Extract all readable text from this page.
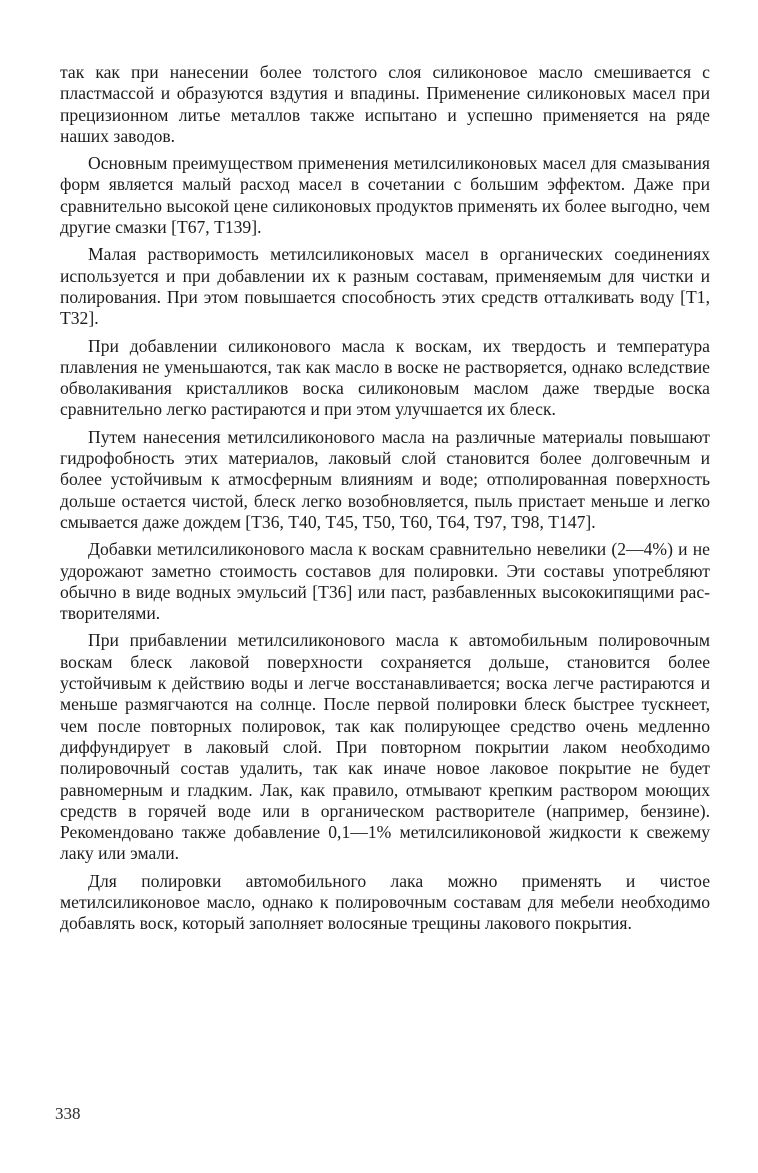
так как при нанесении более толстого слоя силиконовое масло смешивается с пластмассой и образуются вздутия и впадины. Применение силиконовых масел при прецизионном литье металлов также испытано и успешно применяется на ряде наших заводов.

Основным преимуществом применения метилсиликоновых масел для смазывания форм является малый расход масел в сочетании с большим эффектом. Даже при сравнительно высокой цене силиконовых продуктов применять их более выгодно, чем другие смазки [Т67, Т139].

Малая растворимость метилсиликоновых масел в органических соединениях используется и при добавлении их к разным составам, применяемым для чистки и полирования. При этом повышается способность этих средств отталкивать воду [Т1, Т32].

При добавлении силиконового масла к воскам, их твердость и температура плавления не уменьшаются, так как масло в воске не растворяется, однако вследствие обволакивания кристалликов воска силиконовым маслом даже твердые воска сравнительно легко растираются и при этом улучшается их блеск.

Путем нанесения метилсиликонового масла на различные материалы повышают гидрофобность этих материалов, лаковый слой становится более долговечным и более устойчивым к атмосферным влияниям и воде; отполированная поверхность дольше остается чистой, блеск легко возобновляется, пыль пристает меньше и легко смывается даже дождем [Т36, Т40, Т45, Т50, Т60, Т64, Т97, Т98, Т147].

Добавки метилсиликонового масла к воскам сравнительно невелики (2—4%) и не удорожают заметно стоимость составов для полировки. Эти составы употребляют обычно в виде водных эмульсий [Т36] или паст, разбавленных высококипящими растворителями.

При прибавлении метилсиликонового масла к автомобильным полировочным воскам блеск лаковой поверхности сохраняется дольше, становится более устойчивым к действию воды и легче восстанавливается; воска легче растираются и меньше размягчаются на солнце. После первой полировки блеск быстрее тускнеет, чем после повторных полировок, так как полирующее средство очень медленно диффундирует в лаковый слой. При повторном покрытии лаком необходимо полировочный состав удалить, так как иначе новое лаковое покрытие не будет равномерным и гладким. Лак, как правило, отмывают крепким раствором моющих средств в горячей воде или в органическом растворителе (например, бензине). Рекомендовано также добавление 0,1—1% метилсиликоновой жидкости к свежему лаку или эмали.

Для полировки автомобильного лака можно применять и чистое метилсиликоновое масло, однако к полировочным составам для мебели необходимо добавлять воск, который заполняет волосяные трещины лакового покрытия.

338
